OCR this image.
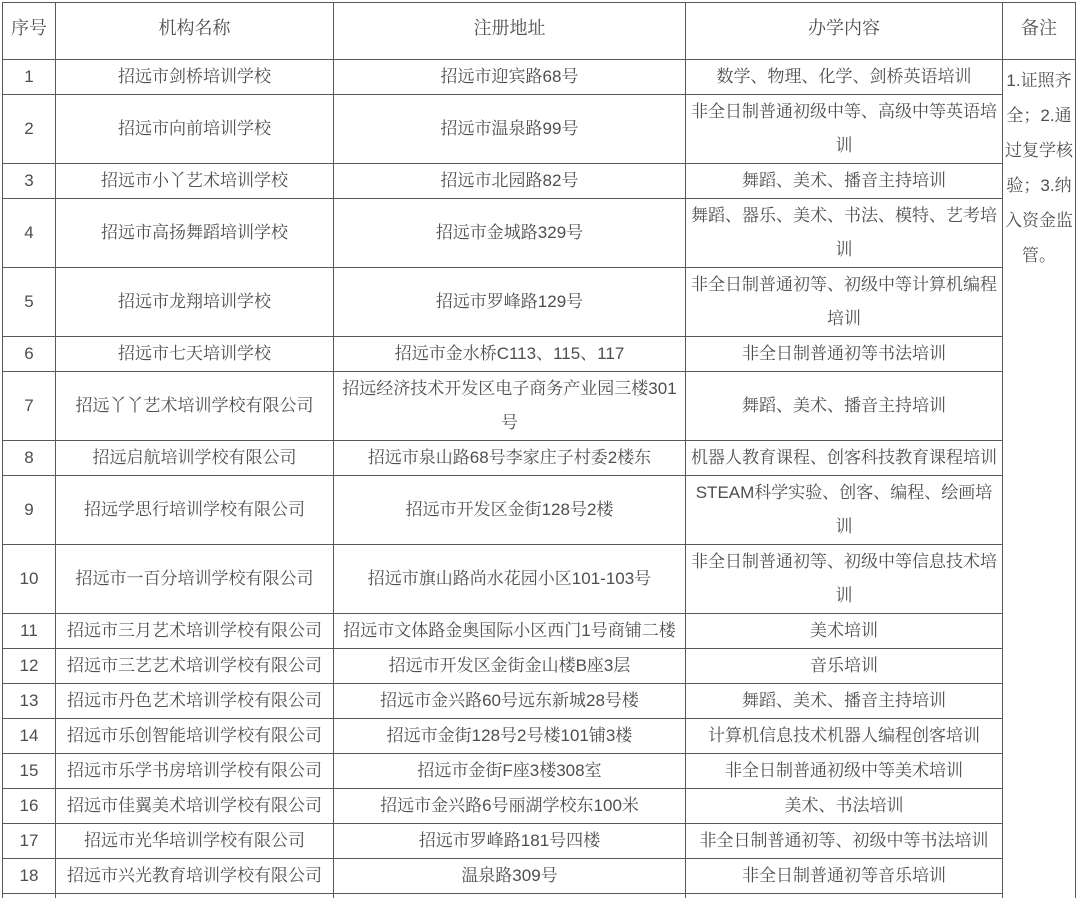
序号	机构名称	注册地址	办学内容	备注
1	招远市剑桥培训学校	招远市迎宾路68号	数学、物理、化学、剑桥英语培训	1.证照齐全；2.通过复学核验；3.纳入资金监管。
2	招远市向前培训学校	招远市温泉路99号	非全日制普通初级中等、高级中等英语培训	
3	招远市小丫艺术培训学校	招远市北园路82号	舞蹈、美术、播音主持培训	
4	招远市高扬舞蹈培训学校	招远市金城路329号	舞蹈、器乐、美术、书法、模特、艺考培训	
5	招远市龙翔培训学校	招远市罗峰路129号	非全日制普通初等、初级中等计算机编程培训	
6	招远市七天培训学校	招远市金水桥C113、115、117	非全日制普通初等书法培训	
7	招远丫丫艺术培训学校有限公司	招远经济技术开发区电子商务产业园三楼301号	舞蹈、美术、播音主持培训	
8	招远启航培训学校有限公司	招远市泉山路68号李家庄子村委2楼东	机器人教育课程、创客科技教育课程培训	
9	招远学思行培训学校有限公司	招远市开发区金街128号2楼	STEAM科学实验、创客、编程、绘画培训	
10	招远市一百分培训学校有限公司	招远市旗山路尚水花园小区101-103号	非全日制普通初等、初级中等信息技术培训	
11	招远市三月艺术培训学校有限公司	招远市文体路金奥国际小区西门1号商铺二楼	美术培训	
12	招远市三艺艺术培训学校有限公司	招远市开发区金街金山楼B座3层	音乐培训	
13	招远市丹色艺术培训学校有限公司	招远市金兴路60号远东新城28号楼	舞蹈、美术、播音主持培训	
14	招远市乐创智能培训学校有限公司	招远市金街128号2号楼101铺3楼	计算机信息技术机器人编程创客培训	
15	招远市乐学书房培训学校有限公司	招远市金街F座3楼308室	非全日制普通初级中等美术培训	
16	招远市佳翼美术培训学校有限公司	招远市金兴路6号丽湖学校东100米	美术、书法培训	
17	招远市光华培训学校有限公司	招远市罗峰路181号四楼	非全日制普通初等、初级中等书法培训	
18	招远市兴光教育培训学校有限公司	温泉路309号	非全日制普通初等音乐培训	
